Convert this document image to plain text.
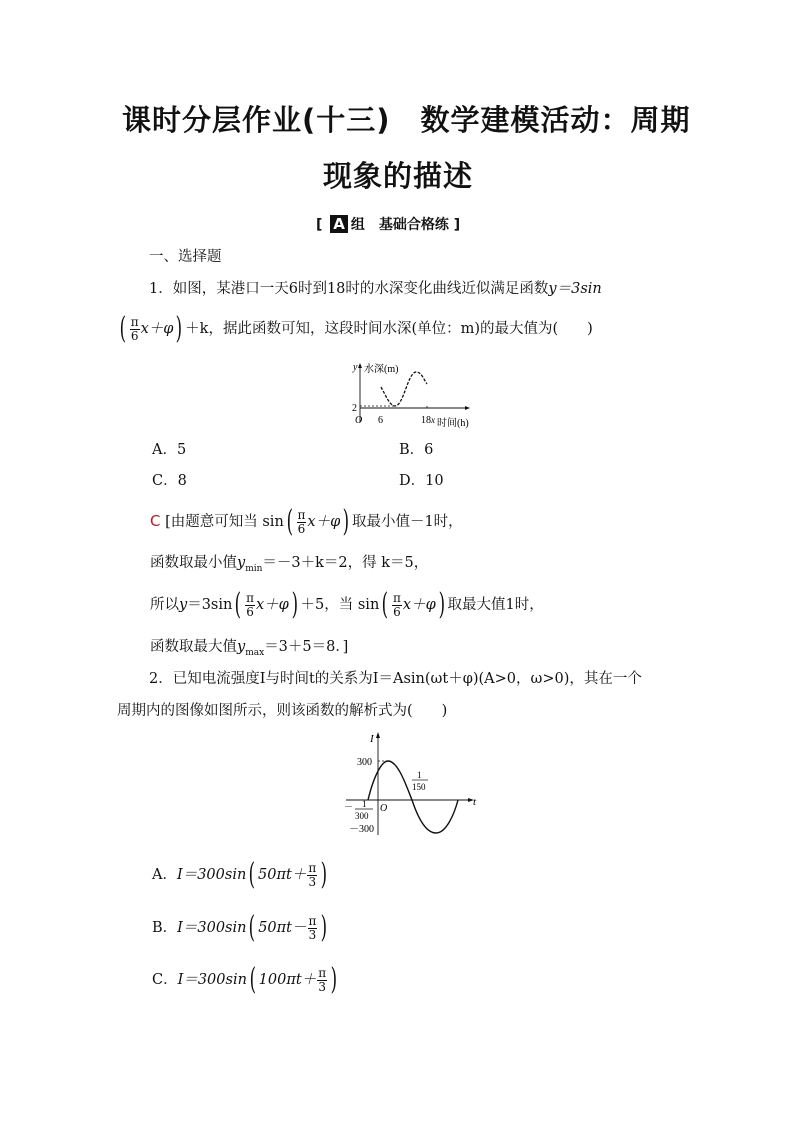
课时分层作业(十三)　数学建模活动：周期
现象的描述
[ A 组　基础合格练 ]
一、选择题
1．如图，某港口一天6时到18时的水深变化曲线近似满足函数y＝3sin
( $\frac{\pi}{6} x+\varphi) +k$，据此函数可知，这段时间水深(单位：m)的最大值为(　　)
y 水深(m)
2
O 6	18 x 时间(h)
A．5	B．6
C．8	D．10
C [由题意可知当 $\sin( \frac{\pi}{6} x+\varphi)$ 取最小值－1时，
函数取最小值$y_{min}=-3+k=2$，得 k＝5，
所以$y=3\sin( \frac{\pi}{6} x+\varphi) +5$，当 $\sin( \frac{\pi}{6} x+\varphi)$ 取最大值1时，
函数取最大值$y_{max}=3+5=8$．]
2．已知电流强度I与时间t的关系为I＝Asin(ωt＋φ)(A>0，ω>0)，其在一个
周期内的图像如图所示，则该函数的解析式为(　　)
I
t
O
300
－300
1
150
－ 1
300
A．I＝300sin( $50\pi t+ \frac{\pi}{3}$ )
B．I＝300sin( $50\pi t- \frac{\pi}{3}$ )
C．I＝300sin( $100\pi t+ \frac{\pi}{3}$ )
